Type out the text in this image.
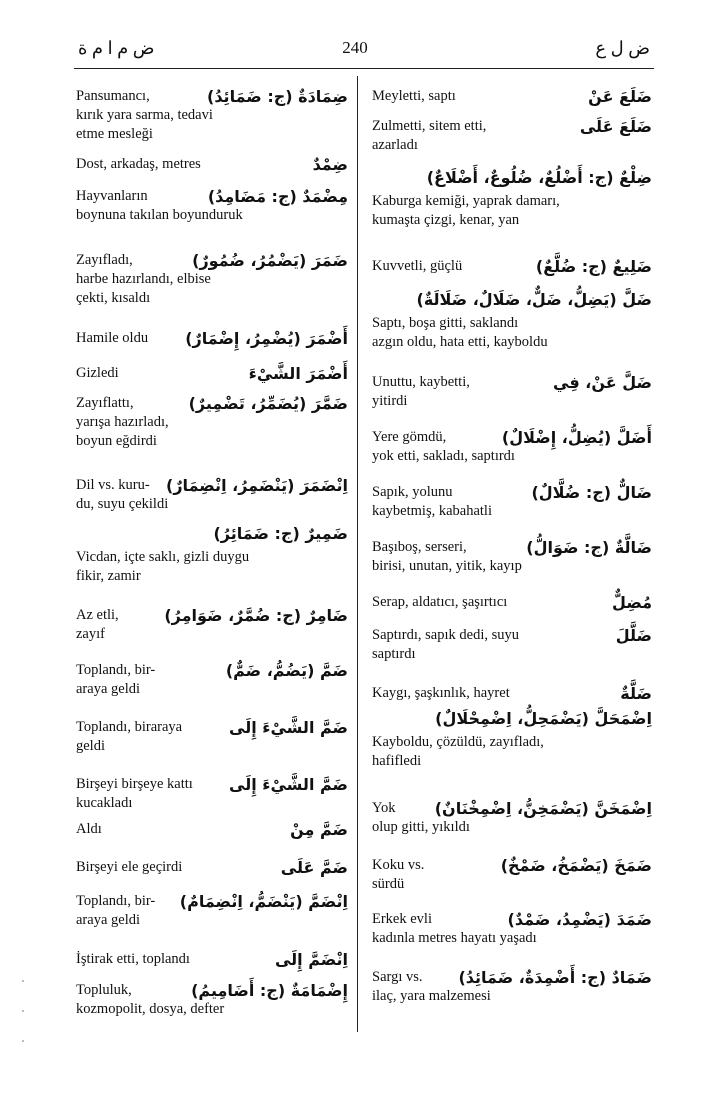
ض م ا م ة	240	ض ل ع
Pansumancı,	ضِمَادَةٌ (ج: ضَمَائِدُ)
kırık yara sarma, tedavi
etme mesleği
Dost, arkadaş, metres	ضِمْدٌ
Hayvanların	مِضْمَدٌ (ج: مَضَامِدُ)
boynuna takılan boyunduruk
Zayıfladı,	ضَمَرَ (يَضْمُرُ، ضُمُورٌ)
harbe hazırlandı, elbise
çekti, kısaldı
Hamile oldu أَضْمَرَ (يُضْمِرُ، إِضْمَارٌ)
Gizledi	أَضْمَرَ الشَّيْءَ
Zayıflattı,	ضَمَّرَ (يُضَمِّرُ، تَضْمِيرٌ)
yarışa hazırladı,
boyun eğdirdi
Dil vs. kuru- اِنْضَمَرَ (يَنْضَمِرُ، اِنْضِمَارٌ)
du, suyu çekildi
ضَمِيرٌ (ج: ضَمَائِرُ)
Vicdan, içte saklı, gizli duygu
fikir, zamir
Az etli,	ضَامِرٌ (ج: ضُمَّرٌ، ضَوَامِرُ)
zayıf
Toplandı, bir-	ضَمَّ (يَضُمُّ، ضَمٌّ)
araya geldi
Toplandı, biraraya	ضَمَّ الشَّيْءَ إِلَى
geldi
Birşeyi birşeye kattı ضَمَّ الشَّيْءَ إِلَى
kucakladı
Aldı	ضَمَّ مِنْ
Birşeyi ele geçirdi	ضَمَّ عَلَى
Toplandı, bir- اِنْضَمَّ (يَنْضَمُّ، اِنْضِمَامٌ)
araya geldi
İştirak etti, toplandı	اِنْضَمَّ إِلَى
Topluluk,	إِضْمَامَةٌ (ج: أَضَامِيمُ)
kozmopolit, dosya, defter
Meyletti, saptı	ضَلَعَ عَنْ
Zulmetti, sitem etti,	ضَلَعَ عَلَى
azarladı
ضِلْعٌ (ج: أَضْلُعٌ، ضُلُوعٌ، أَضْلَاعٌ)
Kaburga kemiği, yaprak damarı,
kumaşta çizgi, kenar, yan
Kuvvetli, güçlü	ضَلِيعٌ (ج: ضُلَّعٌ)
ضَلَّ (يَضِلُّ، ضَلٌّ، ضَلَالٌ، ضَلَالَةٌ)
Saptı, boşa gitti, saklandı
azgın oldu, hata etti, kayboldu
Unuttu, kaybetti,	ضَلَّ عَنْ، فِي
yitirdi
Yere gömdü,	أَضَلَّ (يُضِلُّ، إِضْلَالٌ)
yok etti, sakladı, saptırdı
Sapık, yolunu	ضَالٌّ (ج: ضُلَّالٌ)
kaybetmiş, kabahatli
Başıboş, serseri,	ضَالَّةٌ (ج: ضَوَالُّ)
birisi, unutan, yitik, kayıp
Serap, aldatıcı, şaşırtıcı	مُضِلٌّ
Saptırdı, sapık dedi, suyu	ضَلَّلَ
saptırdı
Kaygı, şaşkınlık, hayret	ضَلَّةٌ
اِضْمَحَلَّ (يَضْمَحِلُّ، اِضْمِحْلَالٌ)
Kayboldu, çözüldü, zayıfladı,
hafifledi
Yok اِضْمَخَنَّ (يَضْمَخِنُّ، اِضْمِخْنَانٌ)
olup gitti, yıkıldı
Koku vs.	ضَمَخَ (يَضْمَخُ، ضَمْخٌ)
sürdü
Erkek evli	ضَمَدَ (يَضْمِدُ، ضَمْدٌ)
kadınla metres hayatı yaşadı
Sargı vs. ضَمَادٌ (ج: أَضْمِدَةٌ، ضَمَائِدُ)
ilaç, yara malzemesi
